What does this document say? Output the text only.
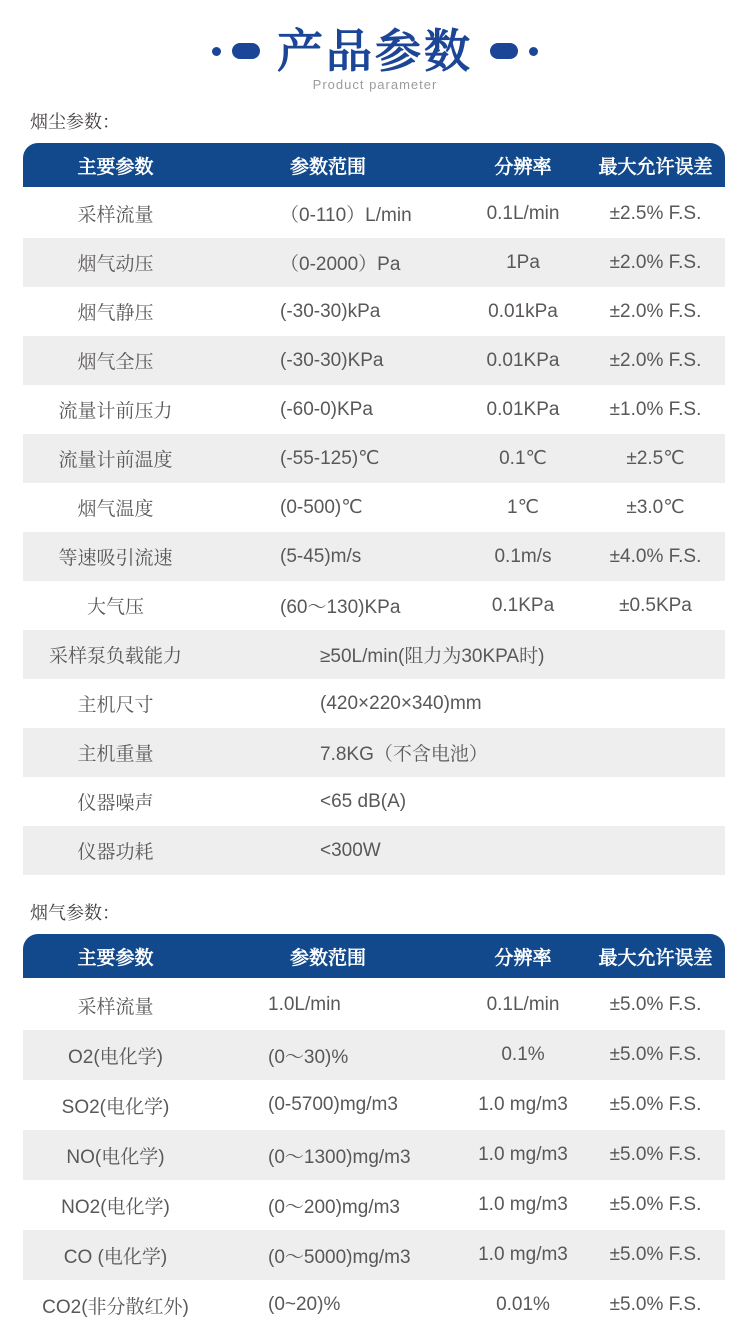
产品参数
Product parameter
烟尘参数：
主要参数	参数范围	分辨率	最大允许误差
采样流量	（0-110）L/min	0.1L/min	±2.5% F.S.
烟气动压	（0-2000）Pa	1Pa	±2.0% F.S.
烟气静压	(-30-30)kPa	0.01kPa	±2.0% F.S.
烟气全压	(-30-30)KPa	0.01KPa	±2.0% F.S.
流量计前压力	(-60-0)KPa	0.01KPa	±1.0% F.S.
流量计前温度	(-55-125)℃	0.1℃	±2.5℃
烟气温度	(0-500)℃	1℃	±3.0℃
等速吸引流速	(5-45)m/s	0.1m/s	±4.0% F.S.
大气压	(60～130)KPa	0.1KPa	±0.5KPa
采样泵负载能力	≥50L/min(阻力为30KPA时)		
主机尺寸	(420×220×340)mm		
主机重量	7.8KG（不含电池）		
仪器噪声	<65 dB(A)		
仪器功耗	<300W		
烟气参数：
主要参数	参数范围	分辨率	最大允许误差
采样流量	1.0L/min	0.1L/min	±5.0% F.S.
O2(电化学)	(0～30)%	0.1%	±5.0% F.S.
SO2(电化学)	(0-5700)mg/m3	1.0 mg/m3	±5.0% F.S.
NO(电化学)	(0～1300)mg/m3	1.0 mg/m3	±5.0% F.S.
NO2(电化学)	(0～200)mg/m3	1.0 mg/m3	±5.0% F.S.
CO (电化学)	(0～5000)mg/m3	1.0 mg/m3	±5.0% F.S.
CO2(非分散红外)	(0~20)%	0.01%	±5.0% F.S.
